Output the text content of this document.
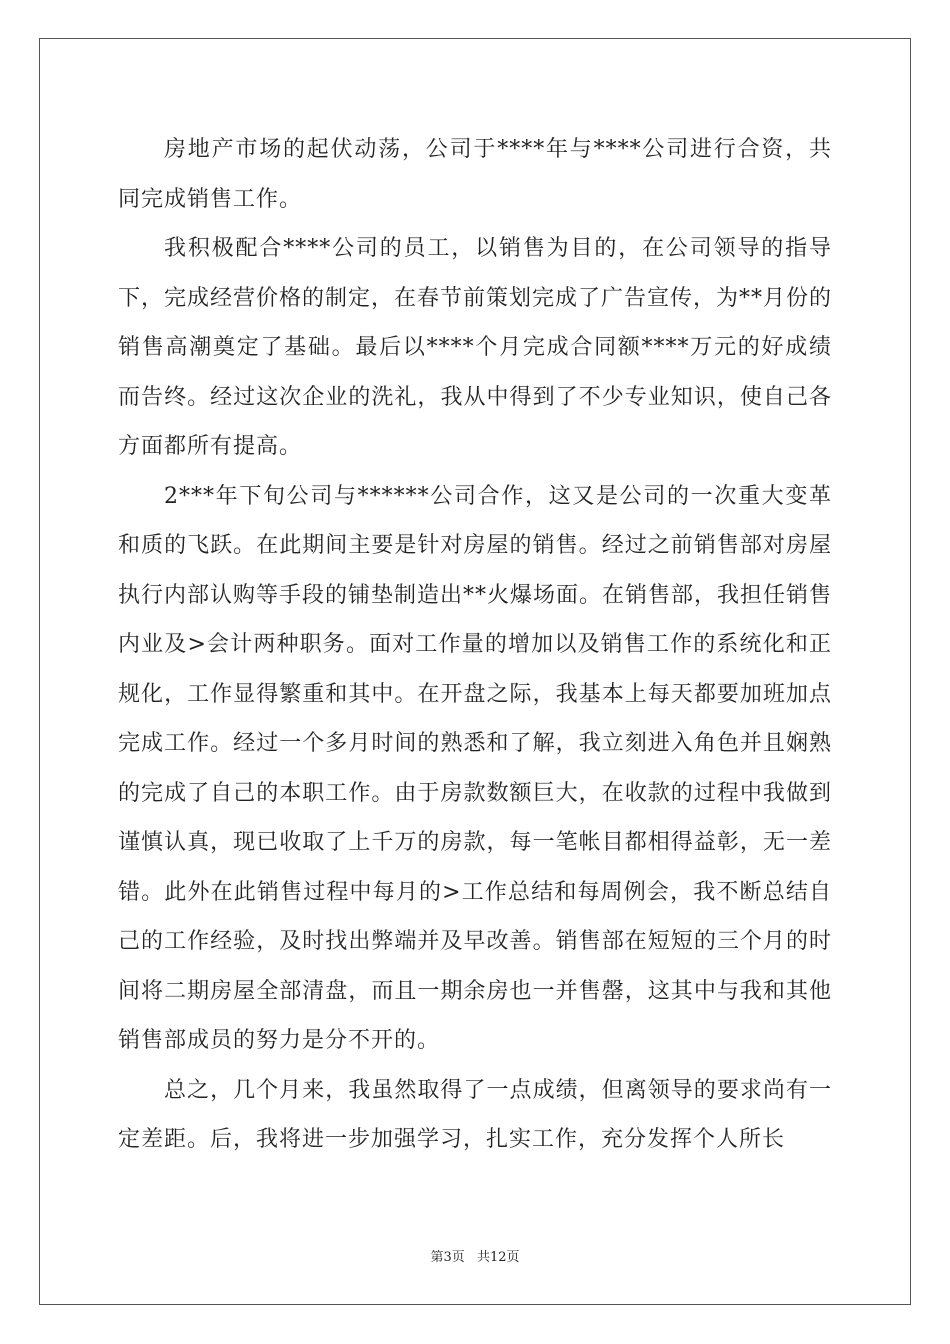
房地产市场的起伏动荡，公司于****年与****公司进行合资，共同完成销售工作。

我积极配合****公司的员工，以销售为目的，在公司领导的指导下，完成经营价格的制定，在春节前策划完成了广告宣传，为**月份的销售高潮奠定了基础。最后以****个月完成合同额****万元的好成绩而告终。经过这次企业的洗礼，我从中得到了不少专业知识，使自己各方面都所有提高。

2***年下旬公司与******公司合作，这又是公司的一次重大变革和质的飞跃。在此期间主要是针对房屋的销售。经过之前销售部对房屋执行内部认购等手段的铺垫制造出**火爆场面。在销售部，我担任销售内业及>会计两种职务。面对工作量的增加以及销售工作的系统化和正规化，工作显得繁重和其中。在开盘之际，我基本上每天都要加班加点完成工作。经过一个多月时间的熟悉和了解，我立刻进入角色并且娴熟的完成了自己的本职工作。由于房款数额巨大，在收款的过程中我做到谨慎认真，现已收取了上千万的房款，每一笔帐目都相得益彰，无一差错。此外在此销售过程中每月的>工作总结和每周例会，我不断总结自己的工作经验，及时找出弊端并及早改善。销售部在短短的三个月的时间将二期房屋全部清盘，而且一期余房也一并售罄，这其中与我和其他销售部成员的努力是分不开的。

总之，几个月来，我虽然取得了一点成绩，但离领导的要求尚有一定差距。后，我将进一步加强学习，扎实工作，充分发挥个人所长

第3页 共12页
